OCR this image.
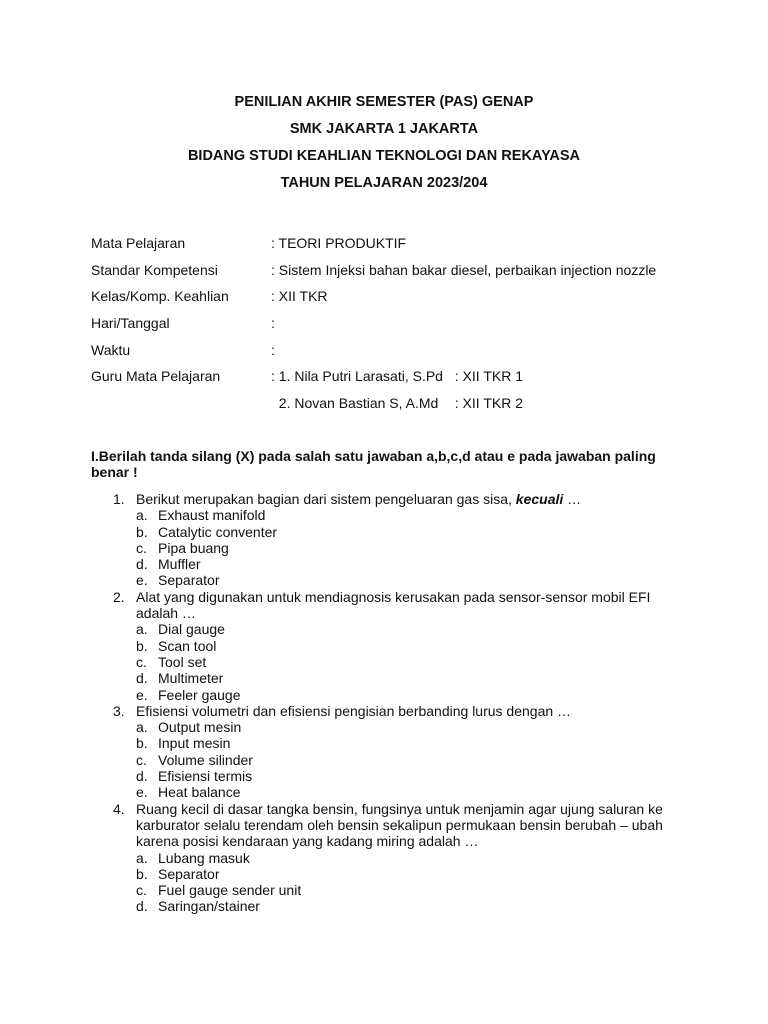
PENILIAN AKHIR SEMESTER (PAS) GENAP
SMK JAKARTA 1 JAKARTA
BIDANG STUDI KEAHLIAN TEKNOLOGI DAN REKAYASA
TAHUN PELAJARAN 2023/204
Mata Pelajaran	: TEORI PRODUKTIF
Standar Kompetensi	: Sistem Injeksi bahan bakar diesel, perbaikan injection nozzle
Kelas/Komp. Keahlian	: XII TKR
Hari/Tanggal	:
Waktu	:
Guru Mata Pelajaran	: 1. Nila Putri Larasati, S.Pd : XII TKR 1
2. Novan Bastian S, A.Md : XII TKR 2
I.Berilah tanda silang (X) pada salah satu jawaban a,b,c,d atau e pada jawaban paling benar !
1. Berikut merupakan bagian dari sistem pengeluaran gas sisa, kecuali …
a. Exhaust manifold
b. Catalytic conventer
c. Pipa buang
d. Muffler
e. Separator
2. Alat yang digunakan untuk mendiagnosis kerusakan pada sensor-sensor mobil EFI adalah …
a. Dial gauge
b. Scan tool
c. Tool set
d. Multimeter
e. Feeler gauge
3. Efisiensi volumetri dan efisiensi pengisian berbanding lurus dengan …
a. Output mesin
b. Input mesin
c. Volume silinder
d. Efisiensi termis
e. Heat balance
4. Ruang kecil di dasar tangka bensin, fungsinya untuk menjamin agar ujung saluran ke karburator selalu terendam oleh bensin sekalipun permukaan bensin berubah – ubah karena posisi kendaraan yang kadang miring adalah …
a. Lubang masuk
b. Separator
c. Fuel gauge sender unit
d. Saringan/stainer
